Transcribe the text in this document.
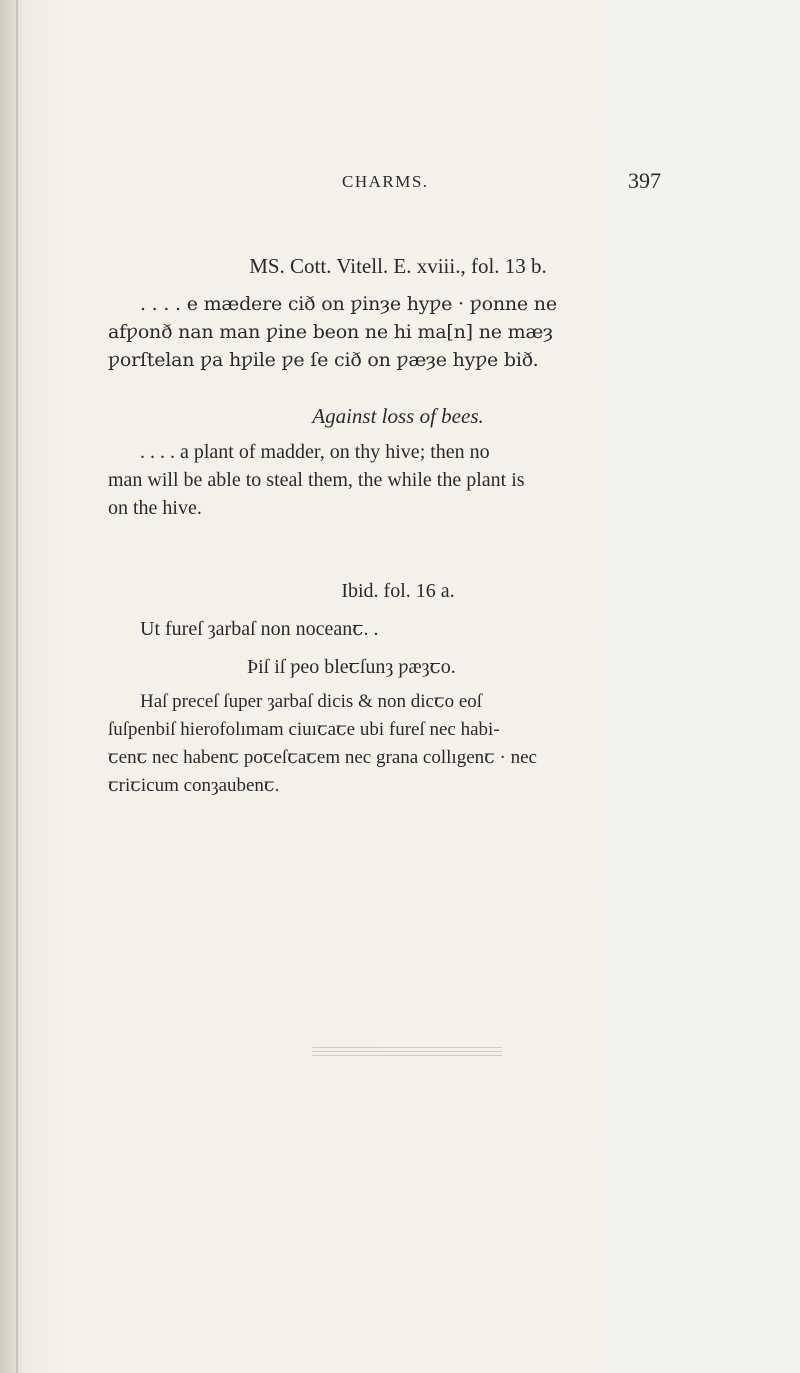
CHARMS.	397

MS. Cott. Vitell. E. xviii., fol. 13 b.

. . . . e mædere cið on ƿinȝe hyƿe · ƿonne ne
afƿonð nan man ƿine beon ne hi ma[n] ne mæȝ
ƿorſtelan ƿa hƿile ƿe ſe cið on ƿæȝe hyƿe bið.

Against loss of bees.

. . . . a plant of madder, on thy hive; then no
man will be able to steal them, the while the plant is
on the hive.

Ibid. fol. 16 a.

Ut fureſ ȝarbaſ non noceanꞇ. .

Þiſ iſ ƿeo bleꞇſunȝ ƿæȝꞇo.

Haſ preceſ ſuper ȝarbaſ dicis & non dicꞇo eoſ
ſuſpenbiſ hierofolımam ciuıꞇaꞇe ubi fureſ nec habi-
ꞇenꞇ nec habenꞇ poꞇeſꞇaꞇem nec grana collıgenꞇ · nec
ꞇriꞇicum conȝaubenꞇ.
